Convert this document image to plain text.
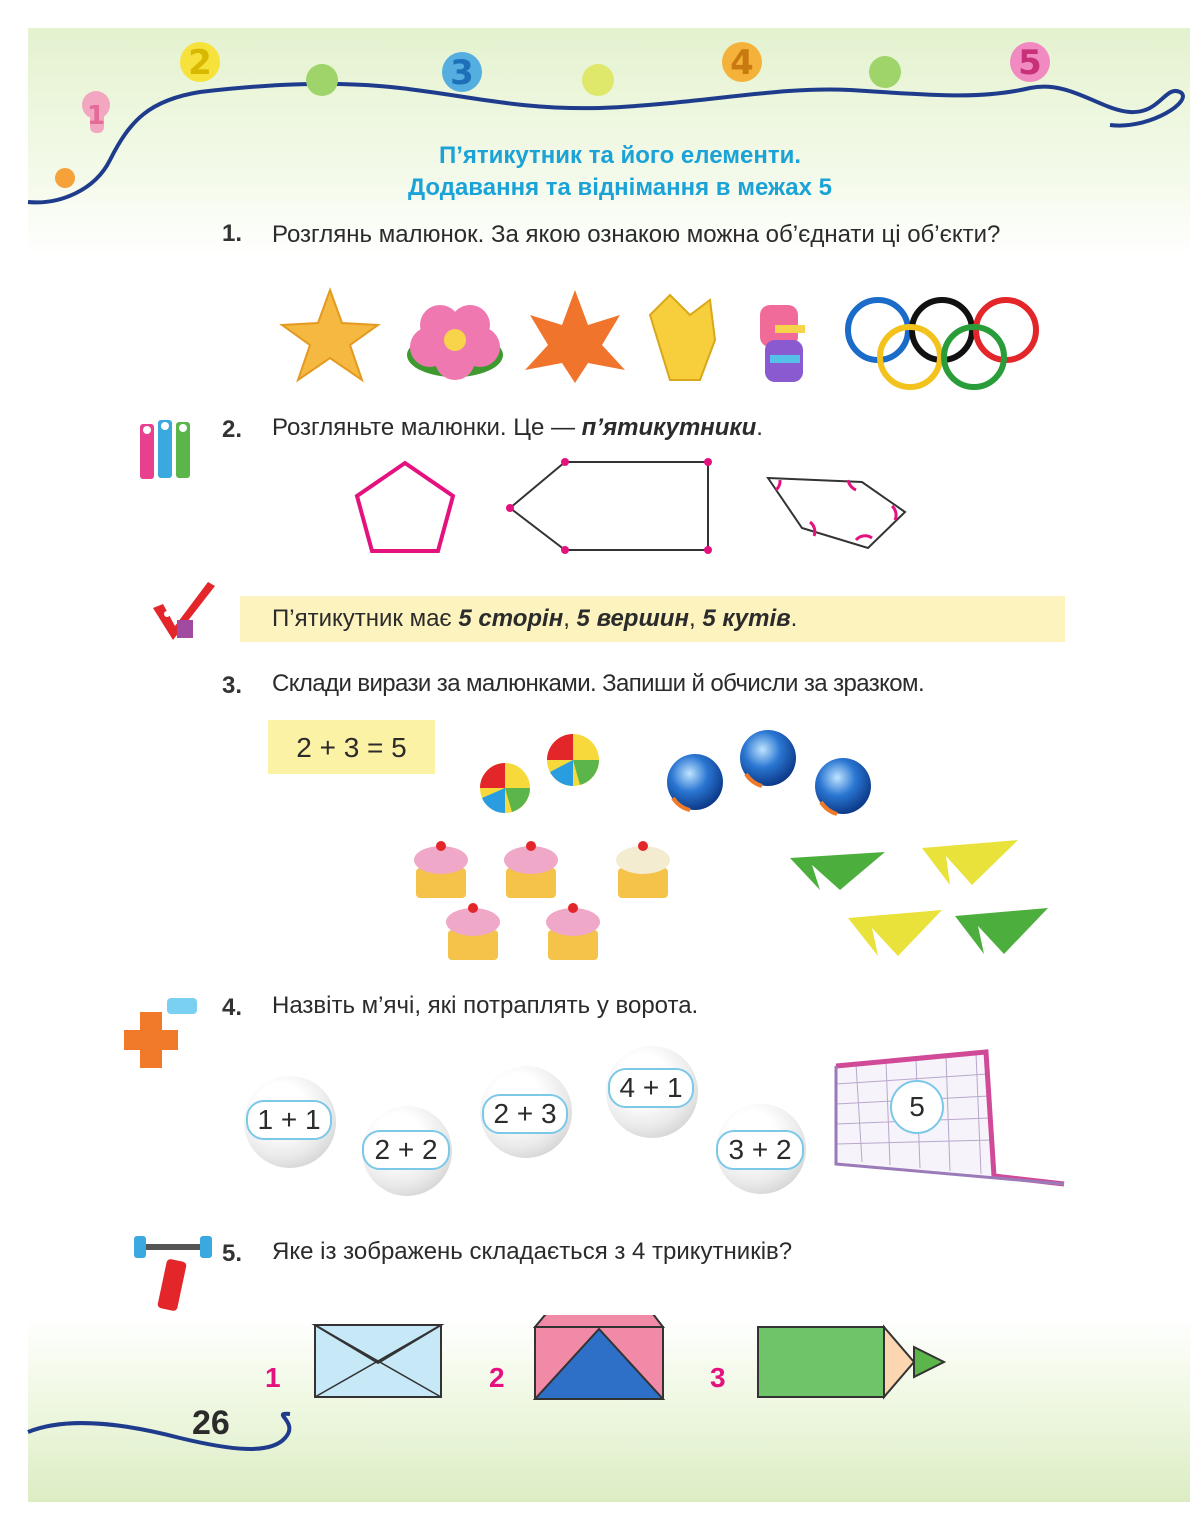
1
2	3	4	5
П’ятикутник та його елементи.
Додавання та віднімання в межах 5
1. Розглянь малюнок. За якою ознакою можна об’єднати ці об’єкти?
2. Розгляньте малюнки. Це — п’ятикутники.
П’ятикутник має 5 сторін, 5 вершин, 5 кутів.
3. Склади вирази за малюнками. Запиши й обчисли за зразком.
2 + 3 = 5
4. Назвіть м’ячі, які потраплять у ворота.
1 + 1
2 + 2
2 + 3
4 + 1
3 + 2
5
5. Яке із зображень складається з 4 трикутників?
1	2	3
26
